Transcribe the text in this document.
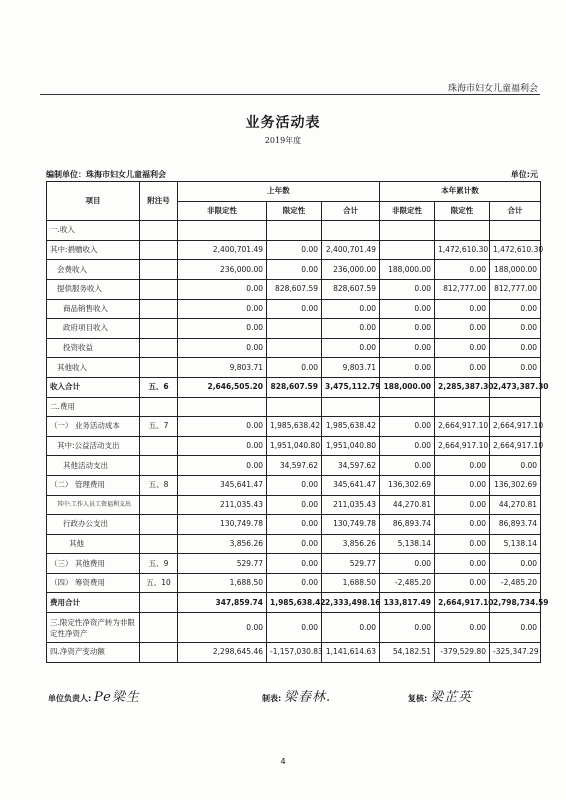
珠海市妇女儿童福利会
业务活动表
2019年度
编制单位：珠海市妇女儿童福利会	单位:元
项目	附注号	上年数			本年累计数		
		非限定性	限定性	合计	非限定性	限定性	合计
一.收入							
其中:捐赠收入		2,400,701.49	0.00	2,400,701.49		1,472,610.30	1,472,610.30
会费收入		236,000.00	0.00	236,000.00	188,000.00	0.00	188,000.00
提供服务收入		0.00	828,607.59	828,607.59	0.00	812,777.00	812,777.00
商品销售收入		0.00	0.00	0.00	0.00	0.00	0.00
政府项目收入		0.00		0.00	0.00	0.00	0.00
投资收益		0.00		0.00	0.00	0.00	0.00
其他收入		9,803.71	0.00	9,803.71	0.00	0.00	0.00
收入合计	五、6	2,646,505.20	828,607.59	3,475,112.79	188,000.00	2,285,387.30	2,473,387.30
二.费用							
（一） 业务活动成本	五、7	0.00	1,985,638.42	1,985,638.42	0.00	2,664,917.10	2,664,917.10
其中:公益活动支出		0.00	1,951,040.80	1,951,040.80	0.00	2,664,917.10	2,664,917.10
其他活动支出		0.00	34,597.62	34,597.62	0.00	0.00	0.00
（二） 管理费用	五、8	345,641.47	0.00	345,641.47	136,302.69	0.00	136,302.69
其中:工作人员工资福利支出		211,035.43	0.00	211,035.43	44,270.81	0.00	44,270.81
行政办公支出		130,749.78	0.00	130,749.78	86,893.74	0.00	86,893.74
其他		3,856.26	0.00	3,856.26	5,138.14	0.00	5,138.14
（三） 其他费用	五、9	529.77	0.00	529.77	0.00	0.00	0.00
（四） 筹资费用	五、10	1,688.50	0.00	1,688.50	-2,485.20	0.00	-2,485.20
费用合计		347,859.74	1,985,638.42	2,333,498.16	133,817.49	2,664,917.10	2,798,734.59
三.限定性净资产转为非限定性净资产		0.00	0.00	0.00	0.00	0.00	0.00
四.净资产变动额		2,298,645.46	-1,157,030.83	1,141,614.63	54,182.51	-379,529.80	-325,347.29
单位负责人: Pe梁生	制表: 梁春林.	复核: 梁芷英
4
